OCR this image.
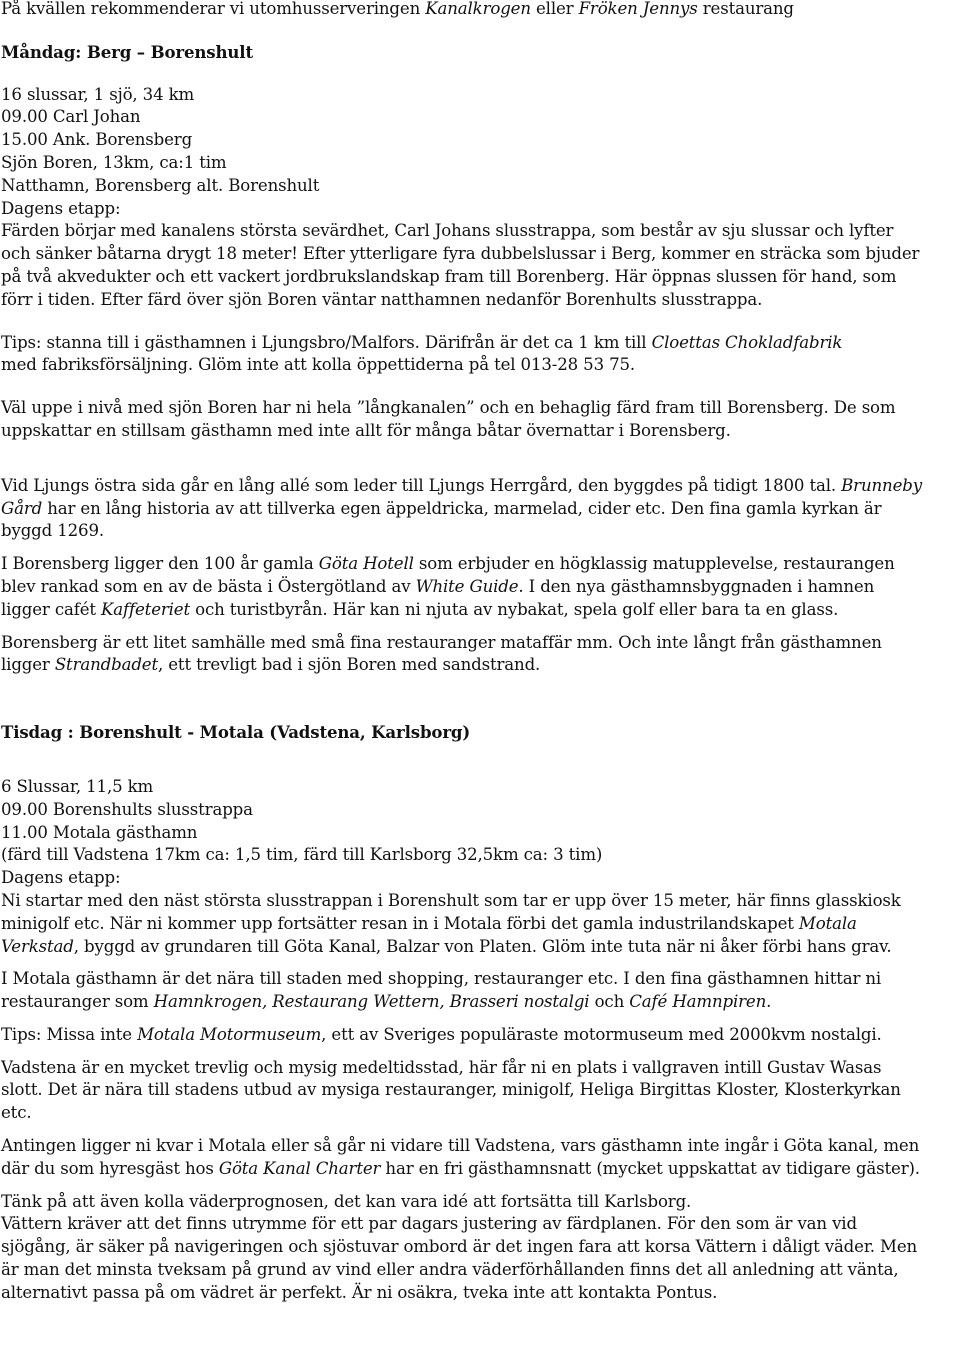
På kvällen rekommenderar vi utomhusserveringen Kanalkrogen eller Fröken Jennys restaurang

Måndag: Berg – Borenshult

16 slussar, 1 sjö, 34 km

09.00 Carl Johan

15.00 Ank. Borensberg

Sjön Boren, 13km, ca:1 tim

Natthamn, Borensberg alt. Borenshult

Dagens etapp:

Färden börjar med kanalens största sevärdhet, Carl Johans slusstrappa, som består av sju slussar och lyfter

och sänker båtarna drygt 18 meter! Efter ytterligare fyra dubbelslussar i Berg, kommer en sträcka som bjuder

på två akvedukter och ett vackert jordbrukslandskap fram till Borenberg. Här öppnas slussen för hand, som

förr i tiden. Efter färd över sjön Boren väntar natthamnen nedanför Borenhults slusstrappa.

Tips: stanna till i gästhamnen i Ljungsbro/Malfors. Därifrån är det ca 1 km till Cloettas Chokladfabrik

med fabriksförsäljning. Glöm inte att kolla öppettiderna på tel 013-28 53 75.

Väl uppe i nivå med sjön Boren har ni hela ”långkanalen” och en behaglig färd fram till Borensberg. De som

uppskattar en stillsam gästhamn med inte allt för många båtar övernattar i Borensberg.

Vid Ljungs östra sida går en lång allé som leder till Ljungs Herrgård, den byggdes på tidigt 1800 tal. Brunneby

Gård har en lång historia av att tillverka egen äppeldricka, marmelad, cider etc. Den fina gamla kyrkan är

byggd 1269.

I Borensberg ligger den 100 år gamla Göta Hotell som erbjuder en högklassig matupplevelse, restaurangen

blev rankad som en av de bästa i Östergötland av White Guide. I den nya gästhamnsbyggnaden i hamnen

ligger cafét Kaffeteriet och turistbyrån. Här kan ni njuta av nybakat, spela golf eller bara ta en glass.

Borensberg är ett litet samhälle med små fina restauranger mataffär mm. Och inte långt från gästhamnen

ligger Strandbadet, ett trevligt bad i sjön Boren med sandstrand.

Tisdag : Borenshult - Motala (Vadstena, Karlsborg)

6 Slussar, 11,5 km

09.00 Borenshults slusstrappa

11.00 Motala gästhamn

(färd till Vadstena 17km ca: 1,5 tim, färd till Karlsborg 32,5km ca: 3 tim)

Dagens etapp:

Ni startar med den näst största slusstrappan i Borenshult som tar er upp över 15 meter, här finns glasskiosk

minigolf etc. När ni kommer upp fortsätter resan in i Motala förbi det gamla industrilandskapet Motala

Verkstad, byggd av grundaren till Göta Kanal, Balzar von Platen. Glöm inte tuta när ni åker förbi hans grav.

I Motala gästhamn är det nära till staden med shopping, restauranger etc. I den fina gästhamnen hittar ni

restauranger som Hamnkrogen, Restaurang Wettern, Brasseri nostalgi och Café Hamnpiren.

Tips: Missa inte Motala Motormuseum, ett av Sveriges populäraste motormuseum med 2000kvm nostalgi.

Vadstena är en mycket trevlig och mysig medeltidsstad, här får ni en plats i vallgraven intill Gustav Wasas

slott. Det är nära till stadens utbud av mysiga restauranger, minigolf, Heliga Birgittas Kloster, Klosterkyrkan

etc.

Antingen ligger ni kvar i Motala eller så går ni vidare till Vadstena, vars gästhamn inte ingår i Göta kanal, men

där du som hyresgäst hos Göta Kanal Charter har en fri gästhamnsnatt (mycket uppskattat av tidigare gäster).

Tänk på att även kolla väderprognosen, det kan vara idé att fortsätta till Karlsborg.

Vättern kräver att det finns utrymme för ett par dagars justering av färdplanen. För den som är van vid

sjögång, är säker på navigeringen och sjöstuvar ombord är det ingen fara att korsa Vättern i dåligt väder. Men

är man det minsta tveksam på grund av vind eller andra väderförhållanden finns det all anledning att vänta,

alternativt passa på om vädret är perfekt. Är ni osäkra, tveka inte att kontakta Pontus.
